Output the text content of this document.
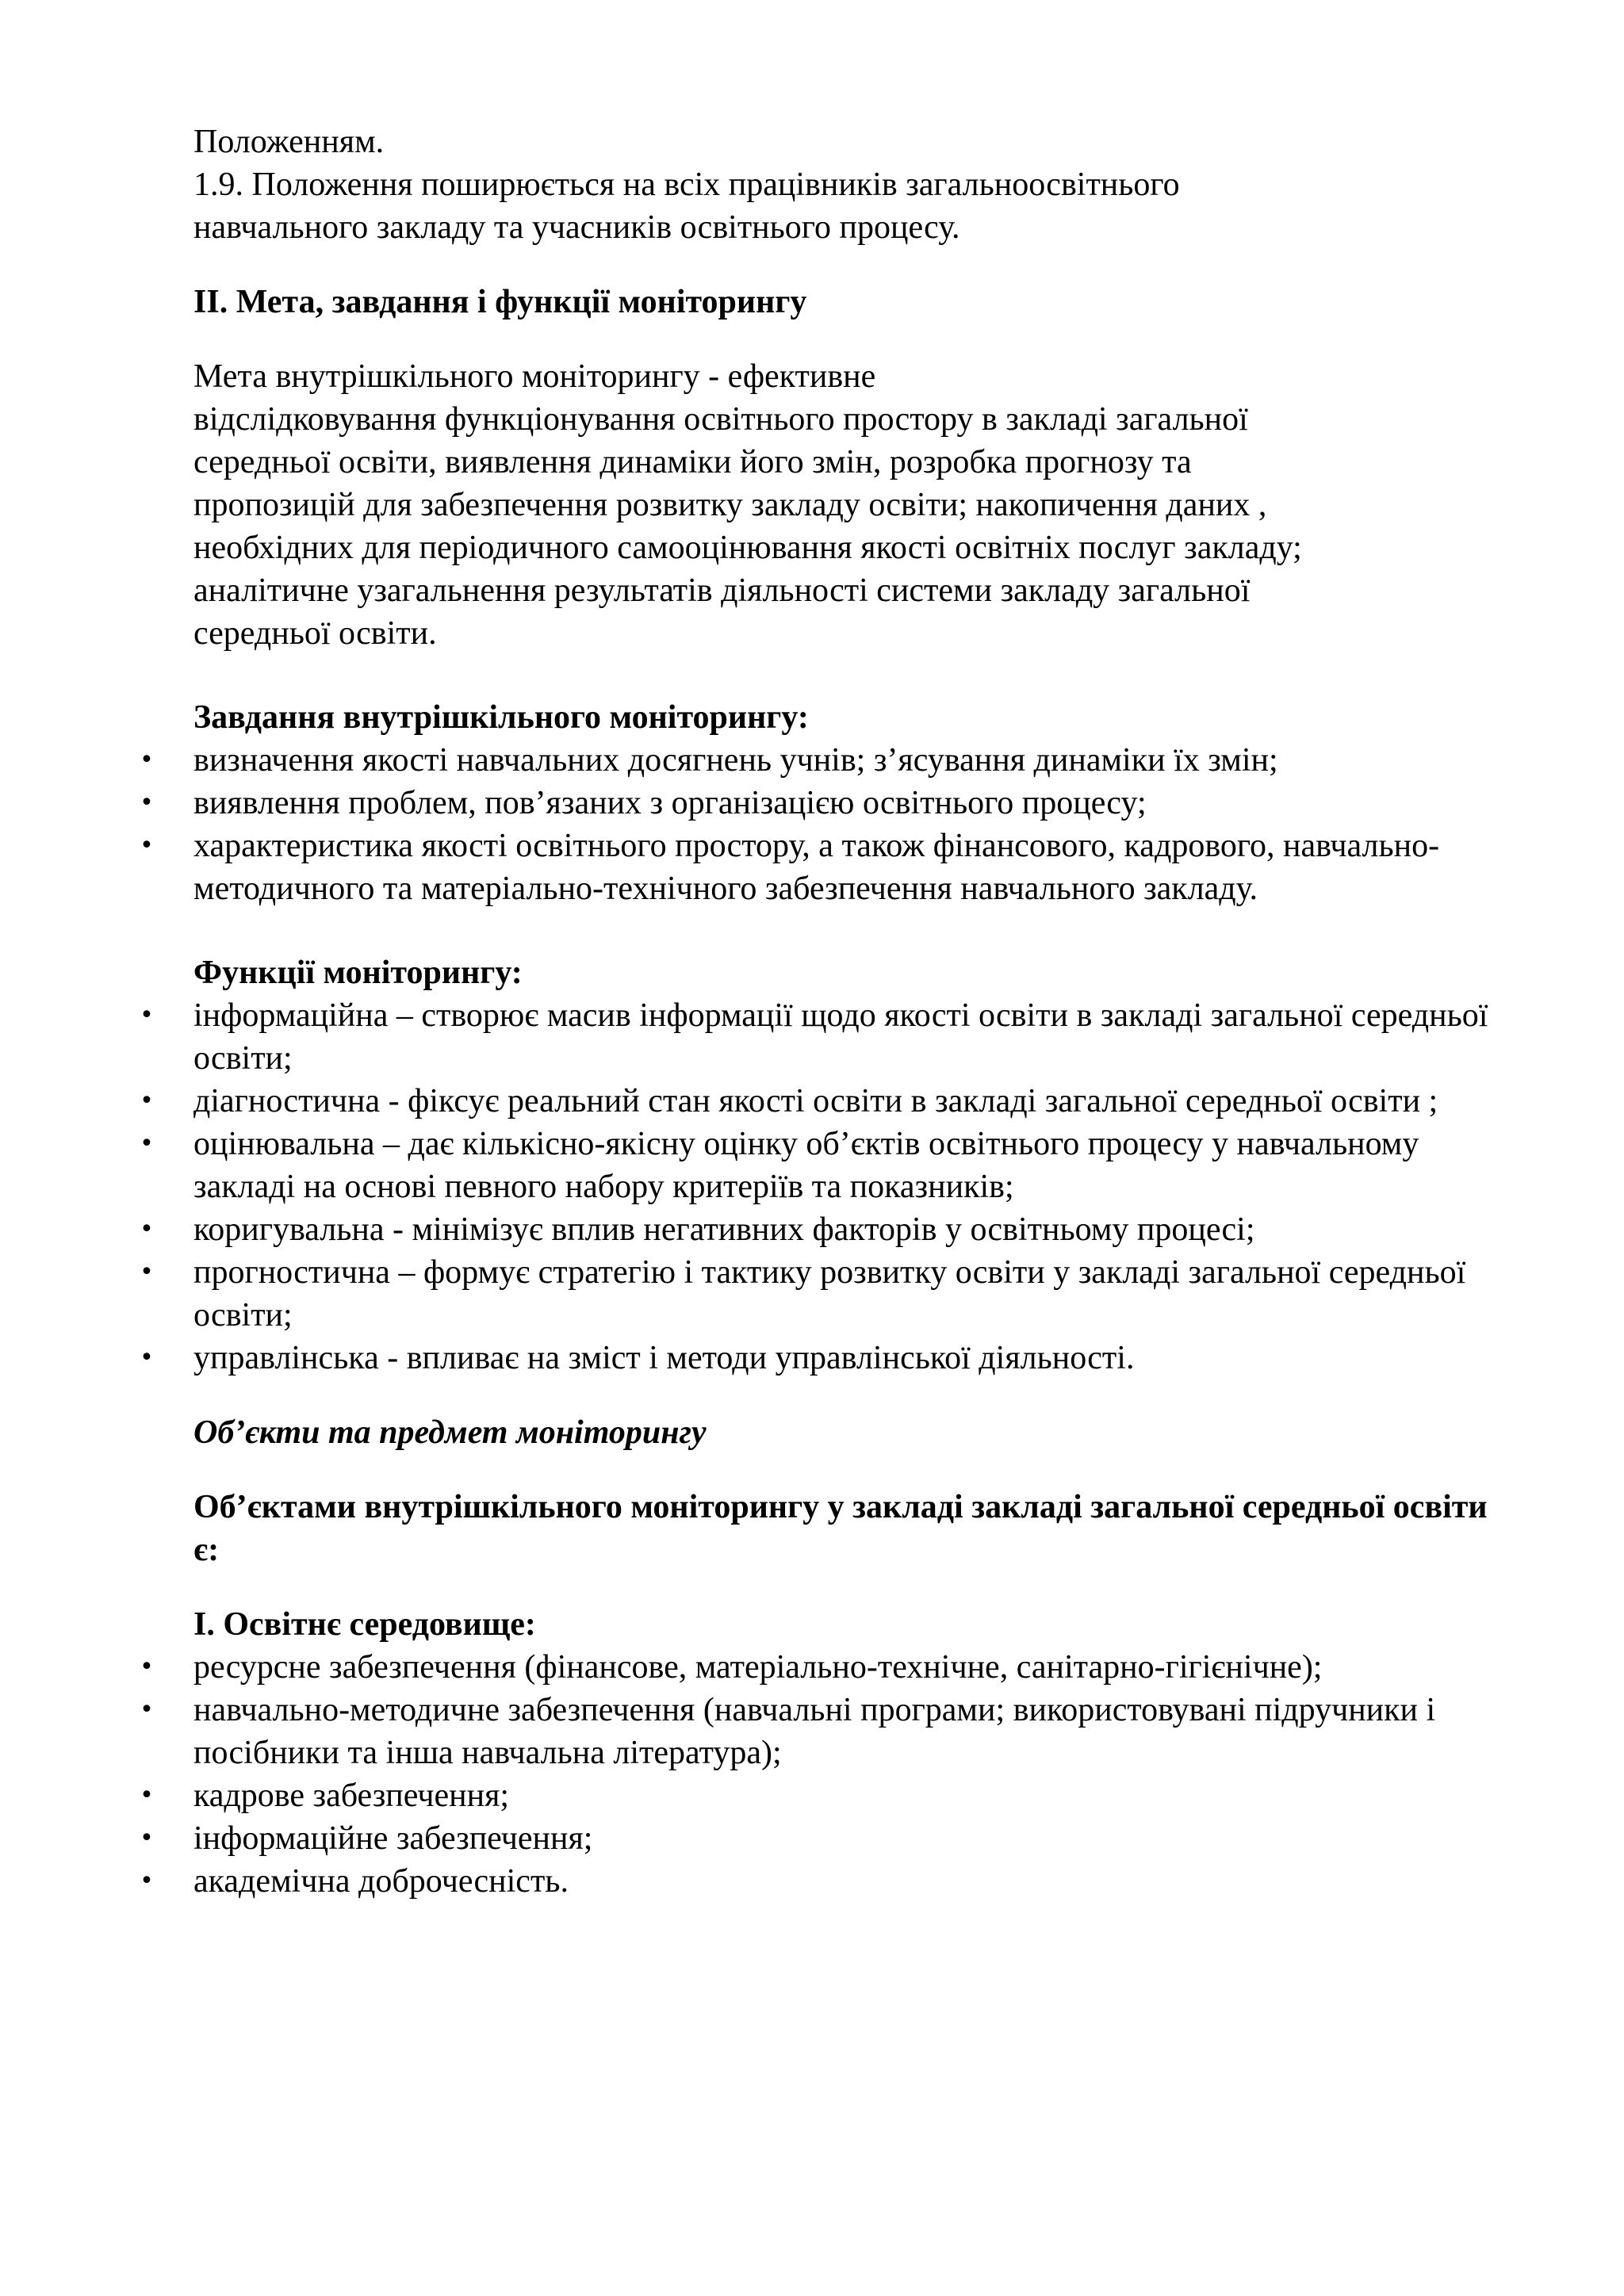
Положенням.

1.9. Положення поширюється на всіх працівників загальноосвітнього

навчального закладу та учасників освітнього процесу.

ІІ. Мета, завдання і функції моніторингу

Мета внутрішкільного моніторингу - ефективне
відслідковування функціонування освітнього простору в закладі загальної
середньої освіти, виявлення динаміки його змін, розробка прогнозу та
пропозицій для забезпечення розвитку закладу освіти; накопичення даних ,
необхідних для періодичного самооцінювання якості освітніх послуг закладу;
аналітичне узагальнення результатів діяльності системи закладу загальної
середньої освіти.

Завдання внутрішкільного моніторингу:

• визначення якості навчальних досягнень учнів; з’ясування динаміки їх змін;
• виявлення проблем, пов’язаних з організацією освітнього процесу;
• характеристика якості освітнього простору, а також фінансового, кадрового, навчально-методичного та матеріально-технічного забезпечення навчального закладу.

Функції моніторингу:

• інформаційна – створює масив інформації щодо якості освіти в закладі загальної середньої освіти;
• діагностична - фіксує реальний стан якості освіти в закладі загальної середньої освіти ;
• оцінювальна – дає кількісно-якісну оцінку об’єктів освітнього процесу у навчальному закладі на основі певного набору критеріїв та показників;
• коригувальна - мінімізує вплив негативних факторів у освітньому процесі;
• прогностична – формує стратегію і тактику розвитку освіти у закладі загальної середньої освіти;
• управлінська - впливає на зміст і методи управлінської діяльності.

Об’єкти та предмет моніторингу

Об’єктами внутрішкільного моніторингу у закладі закладі загальної середньої освіти є:

І. Освітнє середовище:

• ресурсне забезпечення (фінансове, матеріально-технічне, санітарно-гігієнічне);
• навчально-методичне забезпечення (навчальні програми; використовувані підручники і посібники та інша навчальна література);
• кадрове забезпечення;
• інформаційне забезпечення;
• академічна доброчесність.
